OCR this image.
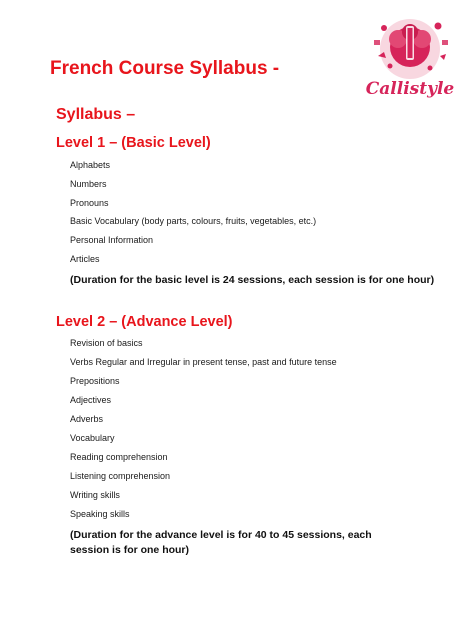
French Course Syllabus -
Callistyle
Syllabus –
Level 1 – (Basic Level)
Alphabets
Numbers
Pronouns
Basic Vocabulary (body parts, colours, fruits, vegetables, etc.)
Personal Information
Articles
(Duration for the basic level is 24 sessions, each session is for one hour)
Level 2 – (Advance Level)
Revision of basics
Verbs Regular and Irregular in present tense, past and future tense
Prepositions
Adjectives
Adverbs
Vocabulary
Reading comprehension
Listening comprehension
Writing skills
Speaking skills
(Duration for the advance level is for 40 to 45 sessions, each session is for one hour)
